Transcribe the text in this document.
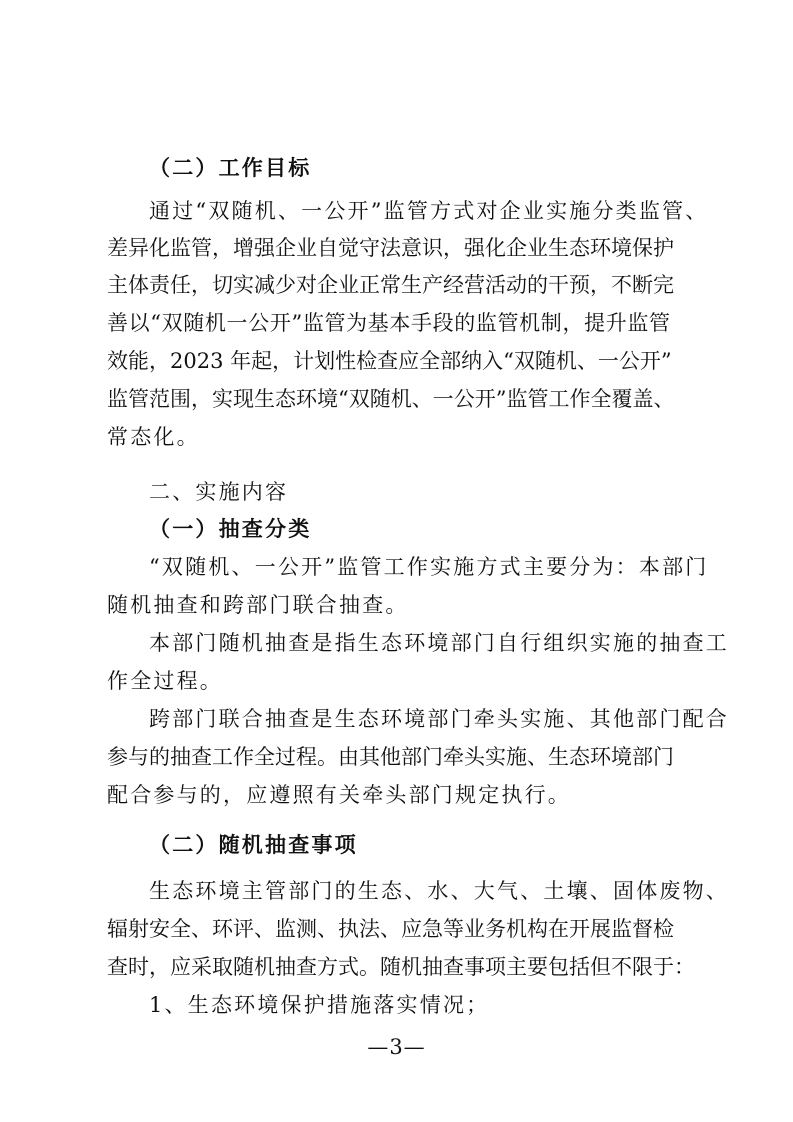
（二）工作目标
通过“双随机、一公开”监管方式对企业实施分类监管、
差异化监管，增强企业自觉守法意识，强化企业生态环境保护
主体责任，切实减少对企业正常生产经营活动的干预，不断完
善以“双随机一公开”监管为基本手段的监管机制，提升监管
效能，2023 年起，计划性检查应全部纳入“双随机、一公开”
监管范围，实现生态环境“双随机、一公开”监管工作全覆盖、
常态化。
二、实施内容
（一）抽查分类
“双随机、一公开”监管工作实施方式主要分为：本部门
随机抽查和跨部门联合抽查。
本部门随机抽查是指生态环境部门自行组织实施的抽查工
作全过程。
跨部门联合抽查是生态环境部门牵头实施、其他部门配合
参与的抽查工作全过程。由其他部门牵头实施、生态环境部门
配合参与的，应遵照有关牵头部门规定执行。
（二）随机抽查事项
生态环境主管部门的生态、水、大气、土壤、固体废物、
辐射安全、环评、监测、执法、应急等业务机构在开展监督检
查时，应采取随机抽查方式。随机抽查事项主要包括但不限于：
1、生态环境保护措施落实情况；
—3—
